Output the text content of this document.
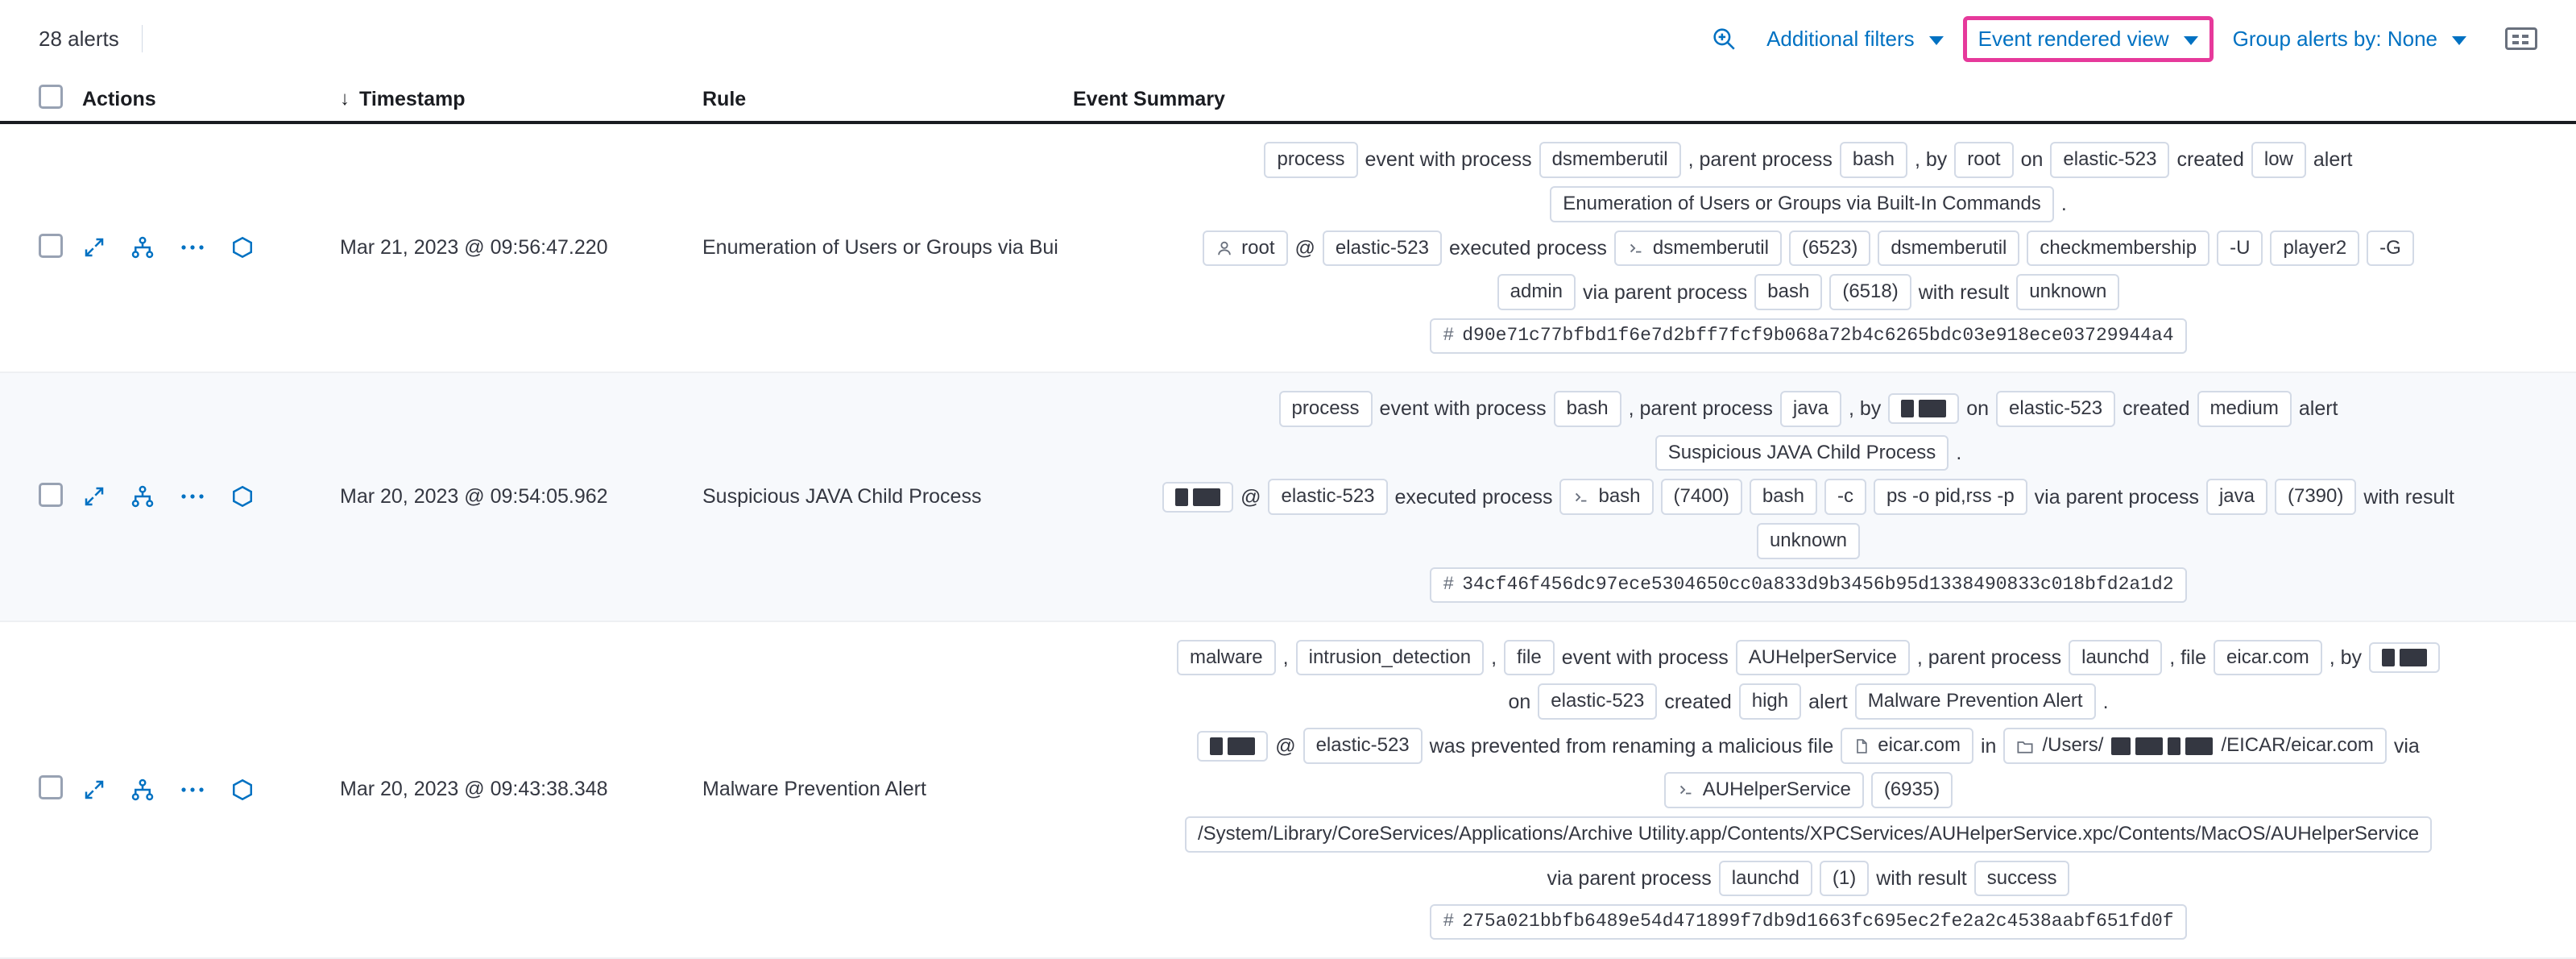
28 alerts	Additional filters	Event rendered view	Group alerts by: None
Actions	↓ Timestamp	Rule	Event Summary
Mar 21, 2023 @ 09:56:47.220	Enumeration of Users or Groups via Bui
process	event with process	dsmemberutil	, parent process	bash	, by	root	on	elastic-523	created	low	alert
Enumeration of Users or Groups via Built-In Commands	.
root	@	elastic-523	executed process	dsmemberutil	(6523)	dsmemberutil	checkmembership	-U	player2	-G
admin	via parent process	bash	(6518)	with result	unknown
# d90e71c77bfbd1f6e7d2bff7fcf9b068a72b4c6265bdc03e918ece03729944a4
Mar 20, 2023 @ 09:54:05.962	Suspicious JAVA Child Process
process	event with process	bash	, parent process	java	, by	on	elastic-523	created	medium	alert
Suspicious JAVA Child Process	.
@	elastic-523	executed process	bash	(7400)	bash	-c	ps -o pid,rss -p	via parent process	java	(7390)	with result
unknown
# 34cf46f456dc97ece5304650cc0a833d9b3456b95d1338490833c018bfd2a1d2
Mar 20, 2023 @ 09:43:38.348	Malware Prevention Alert
malware	,	intrusion_detection	,	file	event with process	AUHelperService	, parent process	launchd	, file	eicar.com	, by
on	elastic-523	created	high	alert	Malware Prevention Alert	.
@	elastic-523	was prevented from renaming a malicious file	eicar.com	in	/Users/	/EICAR/eicar.com	via
AUHelperService	(6935)
/System/Library/CoreServices/Applications/Archive Utility.app/Contents/XPCServices/AUHelperService.xpc/Contents/MacOS/AUHelperService
via parent process	launchd	(1)	with result	success
# 275a021bbfb6489e54d471899f7db9d1663fc695ec2fe2a2c4538aabf651fd0f
